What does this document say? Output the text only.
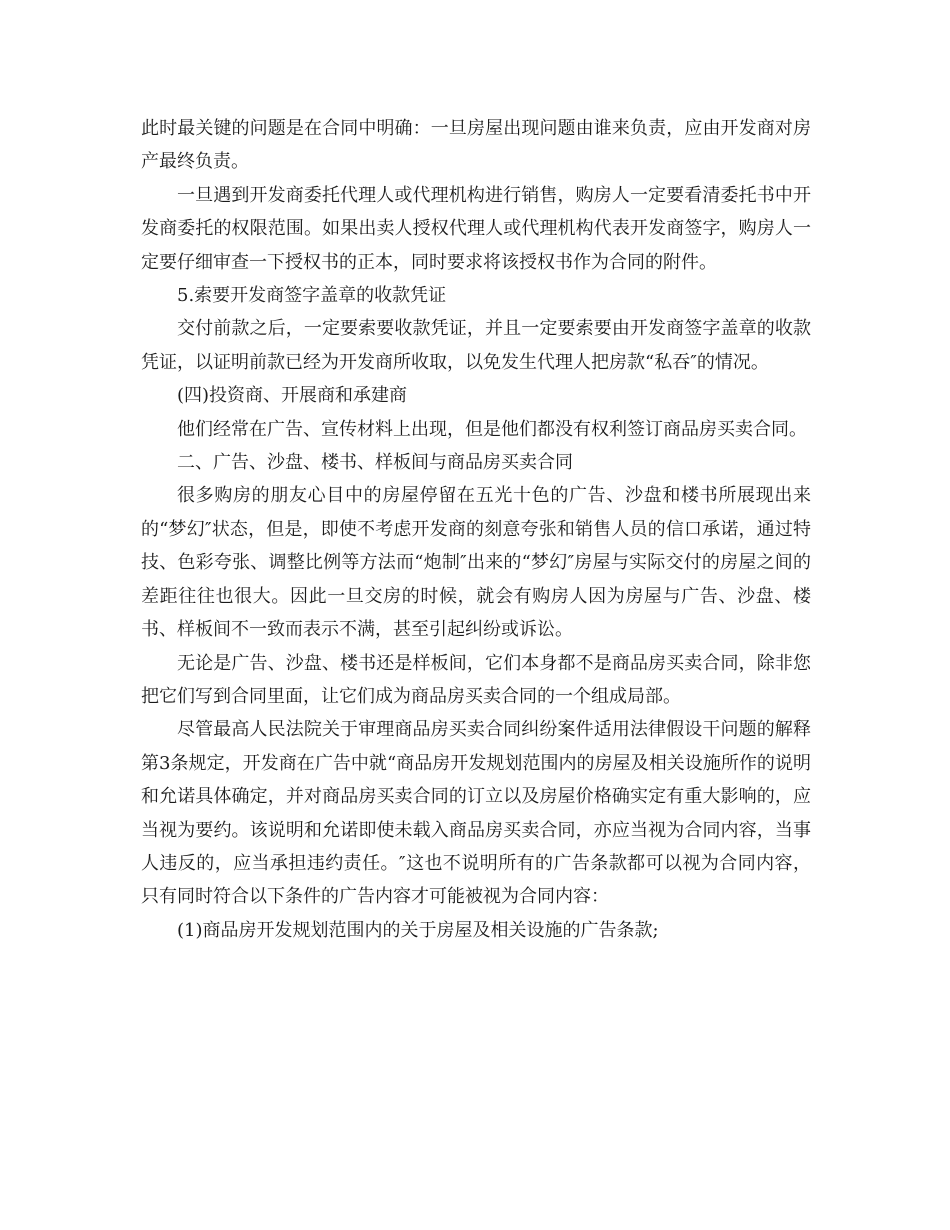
此时最关键的问题是在合同中明确：一旦房屋出现问题由谁来负责，应由开发商对房产最终负责。

一旦遇到开发商委托代理人或代理机构进行销售，购房人一定要看清委托书中开发商委托的权限范围。如果出卖人授权代理人或代理机构代表开发商签字，购房人一定要仔细审查一下授权书的正本，同时要求将该授权书作为合同的附件。

5.索要开发商签字盖章的收款凭证

交付前款之后，一定要索要收款凭证，并且一定要索要由开发商签字盖章的收款凭证，以证明前款已经为开发商所收取，以免发生代理人把房款“私吞″的情况。

(四)投资商、开展商和承建商

他们经常在广告、宣传材料上出现，但是他们都没有权利签订商品房买卖合同。

二、广告、沙盘、楼书、样板间与商品房买卖合同

很多购房的朋友心目中的房屋停留在五光十色的广告、沙盘和楼书所展现出来的“梦幻″状态，但是，即使不考虑开发商的刻意夸张和销售人员的信口承诺，通过特技、色彩夸张、调整比例等方法而“炮制″出来的“梦幻″房屋与实际交付的房屋之间的差距往往也很大。因此一旦交房的时候，就会有购房人因为房屋与广告、沙盘、楼书、样板间不一致而表示不满，甚至引起纠纷或诉讼。

无论是广告、沙盘、楼书还是样板间，它们本身都不是商品房买卖合同，除非您把它们写到合同里面，让它们成为商品房买卖合同的一个组成局部。

尽管最高人民法院关于审理商品房买卖合同纠纷案件适用法律假设干问题的解释第3条规定，开发商在广告中就“商品房开发规划范围内的房屋及相关设施所作的说明和允诺具体确定，并对商品房买卖合同的订立以及房屋价格确实定有重大影响的，应当视为要约。该说明和允诺即使未载入商品房买卖合同，亦应当视为合同内容，当事人违反的，应当承担违约责任。″这也不说明所有的广告条款都可以视为合同内容，只有同时符合以下条件的广告内容才可能被视为合同内容：

(1)商品房开发规划范围内的关于房屋及相关设施的广告条款;
